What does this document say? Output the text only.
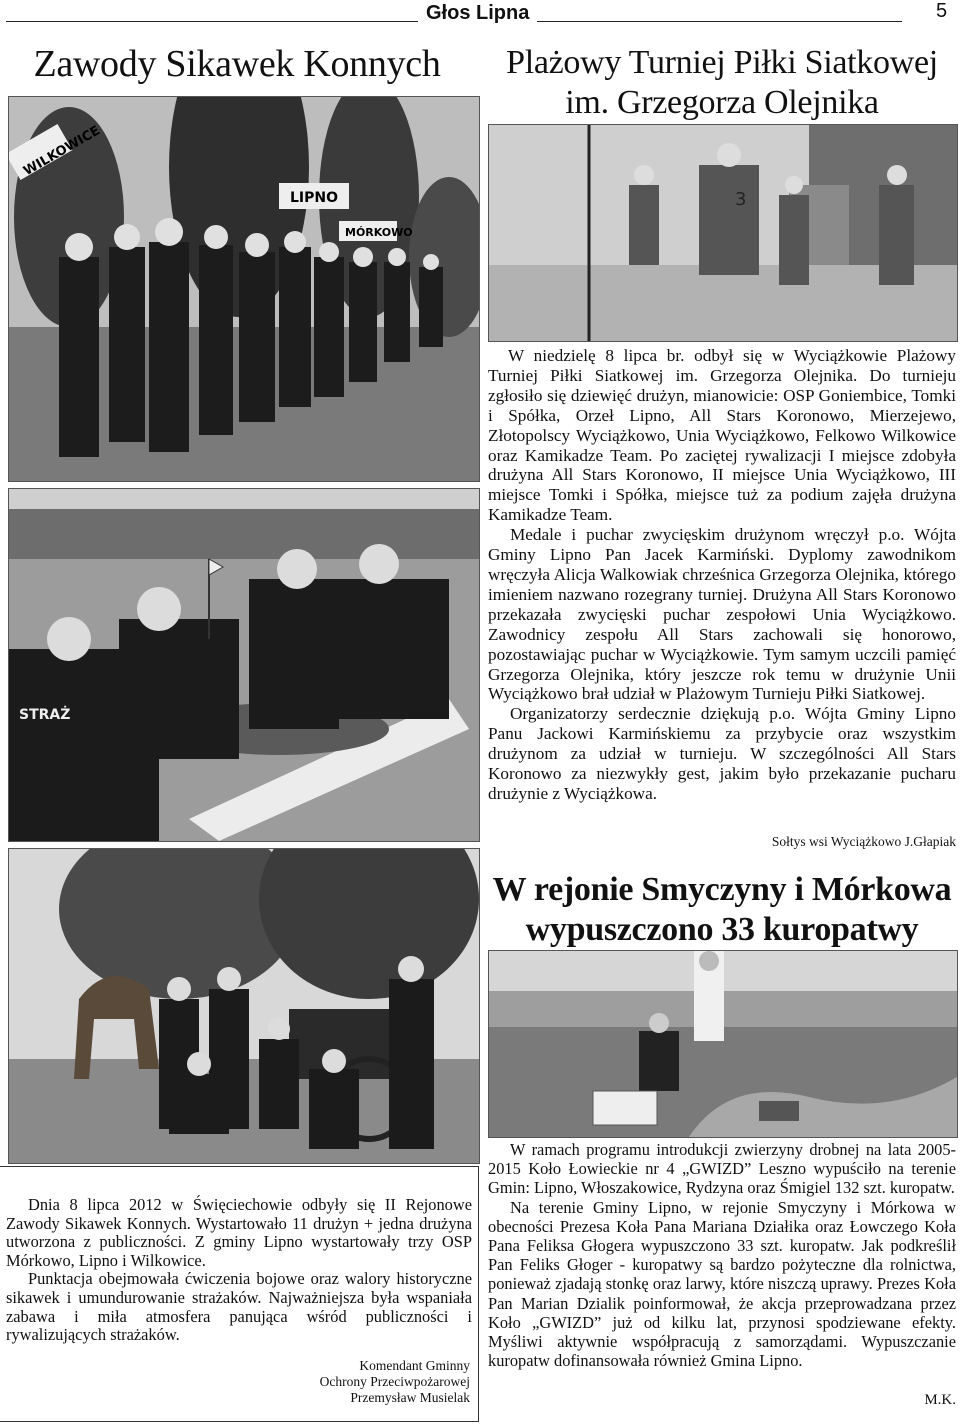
Głos Lipna	5
Zawody Sikawek Konnych
WILKOWICE
LIPNO
MÓRKOWO
STRAŻ

Dnia 8 lipca 2012 w Święciechowie odbyły się II Rejonowe Zawody Sikawek Konnych. Wystartowało 11 drużyn + jedna drużyna utworzona z publiczności. Z gminy Lipno wystartowały trzy OSP Mórkowo, Lipno i Wilkowice.

Punktacja obejmowała ćwiczenia bojowe oraz walory historyczne sikawek i umundurowanie strażaków. Najważniejsza była wspaniała zabawa i miła atmosfera panująca wśród publiczności i rywalizujących strażaków.

Komendant Gminny
Ochrony Przeciwpożarowej
Przemysław Musielak
Plażowy Turniej Piłki Siatkowej
im. Grzegorza Olejnika
3

W niedzielę 8 lipca br. odbył się w Wyciążkowie Plażowy Turniej Piłki Siatkowej im. Grzegorza Olejnika. Do turnieju zgłosiło się dziewięć drużyn, mianowicie: OSP Goniembice, Tomki i Spółka, Orzeł Lipno, All Stars Koronowo, Mierzejewo, Złotopolscy Wyciążkowo, Unia Wyciążkowo, Felkowo Wilkowice oraz Kamikadze Team. Po zaciętej rywalizacji I miejsce zdobyła drużyna All Stars Koronowo, II miejsce Unia Wyciążkowo, III miejsce Tomki i Spółka, miejsce tuż za podium zajęła drużyna Kamikadze Team.

Medale i puchar zwycięskim drużynom wręczył p.o. Wójta Gminy Lipno Pan Jacek Karmiński. Dyplomy zawodnikom wręczyła Alicja Walkowiak chrześnica Grzegorza Olejnika, którego imieniem nazwano rozegrany turniej. Drużyna All Stars Koronowo przekazała zwycięski puchar zespołowi Unia Wyciążkowo. Zawodnicy zespołu All Stars zachowali się honorowo, pozostawiając puchar w Wyciążkowie. Tym samym uczcili pamięć Grzegorza Olejnika, który jeszcze rok temu w drużynie Unii Wyciążkowo brał udział w Plażowym Turnieju Piłki Siatkowej.

Organizatorzy serdecznie dziękują p.o. Wójta Gminy Lipno Panu Jackowi Karmińskiemu za przybycie oraz wszystkim drużynom za udział w turnieju. W szczególności All Stars Koronowo za niezwykły gest, jakim było przekazanie pucharu drużynie z Wyciążkowa.

Sołtys wsi Wyciążkowo J.Głapiak
W rejonie Smyczyny i Mórkowa
wypuszczono 33 kuropatwy

W ramach programu introdukcji zwierzyny drobnej na lata 2005-2015 Koło Łowieckie nr 4 „GWIZD” Leszno wypuściło na terenie Gmin: Lipno, Włoszakowice, Rydzyna oraz Śmigiel 132 szt. kuropatw.

Na terenie Gminy Lipno, w rejonie Smyczyny i Mórkowa w obecności Prezesa Koła Pana Mariana Działika oraz Łowczego Koła Pana Feliksa Głogera wypuszczono 33 szt. kuropatw. Jak podkreślił Pan Feliks Głoger - kuropatwy są bardzo pożyteczne dla rolnictwa, ponieważ zjadają stonkę oraz larwy, które niszczą uprawy. Prezes Koła Pan Marian Dzialik poinformował, że akcja przeprowadzana przez Koło „GWIZD” już od kilku lat, przynosi spodziewane efekty. Myśliwi aktywnie współpracują z samorządami. Wypuszczanie kuropatw dofinansowała również Gmina Lipno.

M.K.
